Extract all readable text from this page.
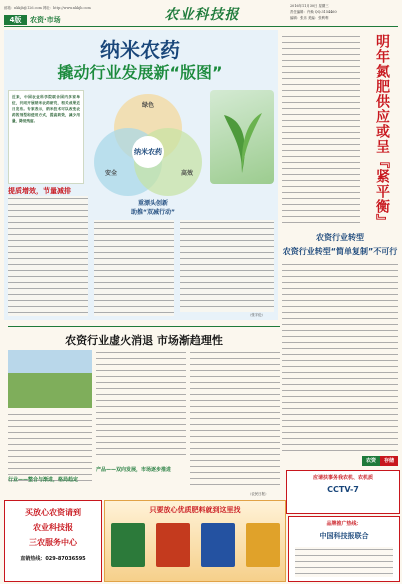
邮箱：nkkjb@126.com 网址：http://www.nkkjb.com
4版	农资·市场	农业科技报
2016年11月30日 星期三
责任编辑：许焕 QQ:3154460
编辑：张乐 美编：张利利
纳米农药
撬动行业发展新“版图”
近来，中国农业科学院联合国内多家单位，共同开展纳米农药研究，相关成果近日发布。专家表示，纳米技术可以改变农药的剂型和使用方式，提高药效，减少用量，降低残留。
绿色
安全	高效
纳米农药
提质增效，节量减排
重漂头创新
助推“双减行动”
（张宇伦）
明年氮肥供应或呈『紧平衡』
农资行业转型
农资行业转型“简单复制”不可行
农资行业虚火消退 市场渐趋理性
行业——整合与渐进，格局趋定
产品——双向发展，市场逐步推进
（农民日报）
农资	存储
应请扶事务我农机、农机质
CCTV-7
买放心农资请到
农业科技报
三农服务中心
直销热线：029-87036595
只要放心优质肥料就到这里找
品牌推广热线：
中国科技报联合
